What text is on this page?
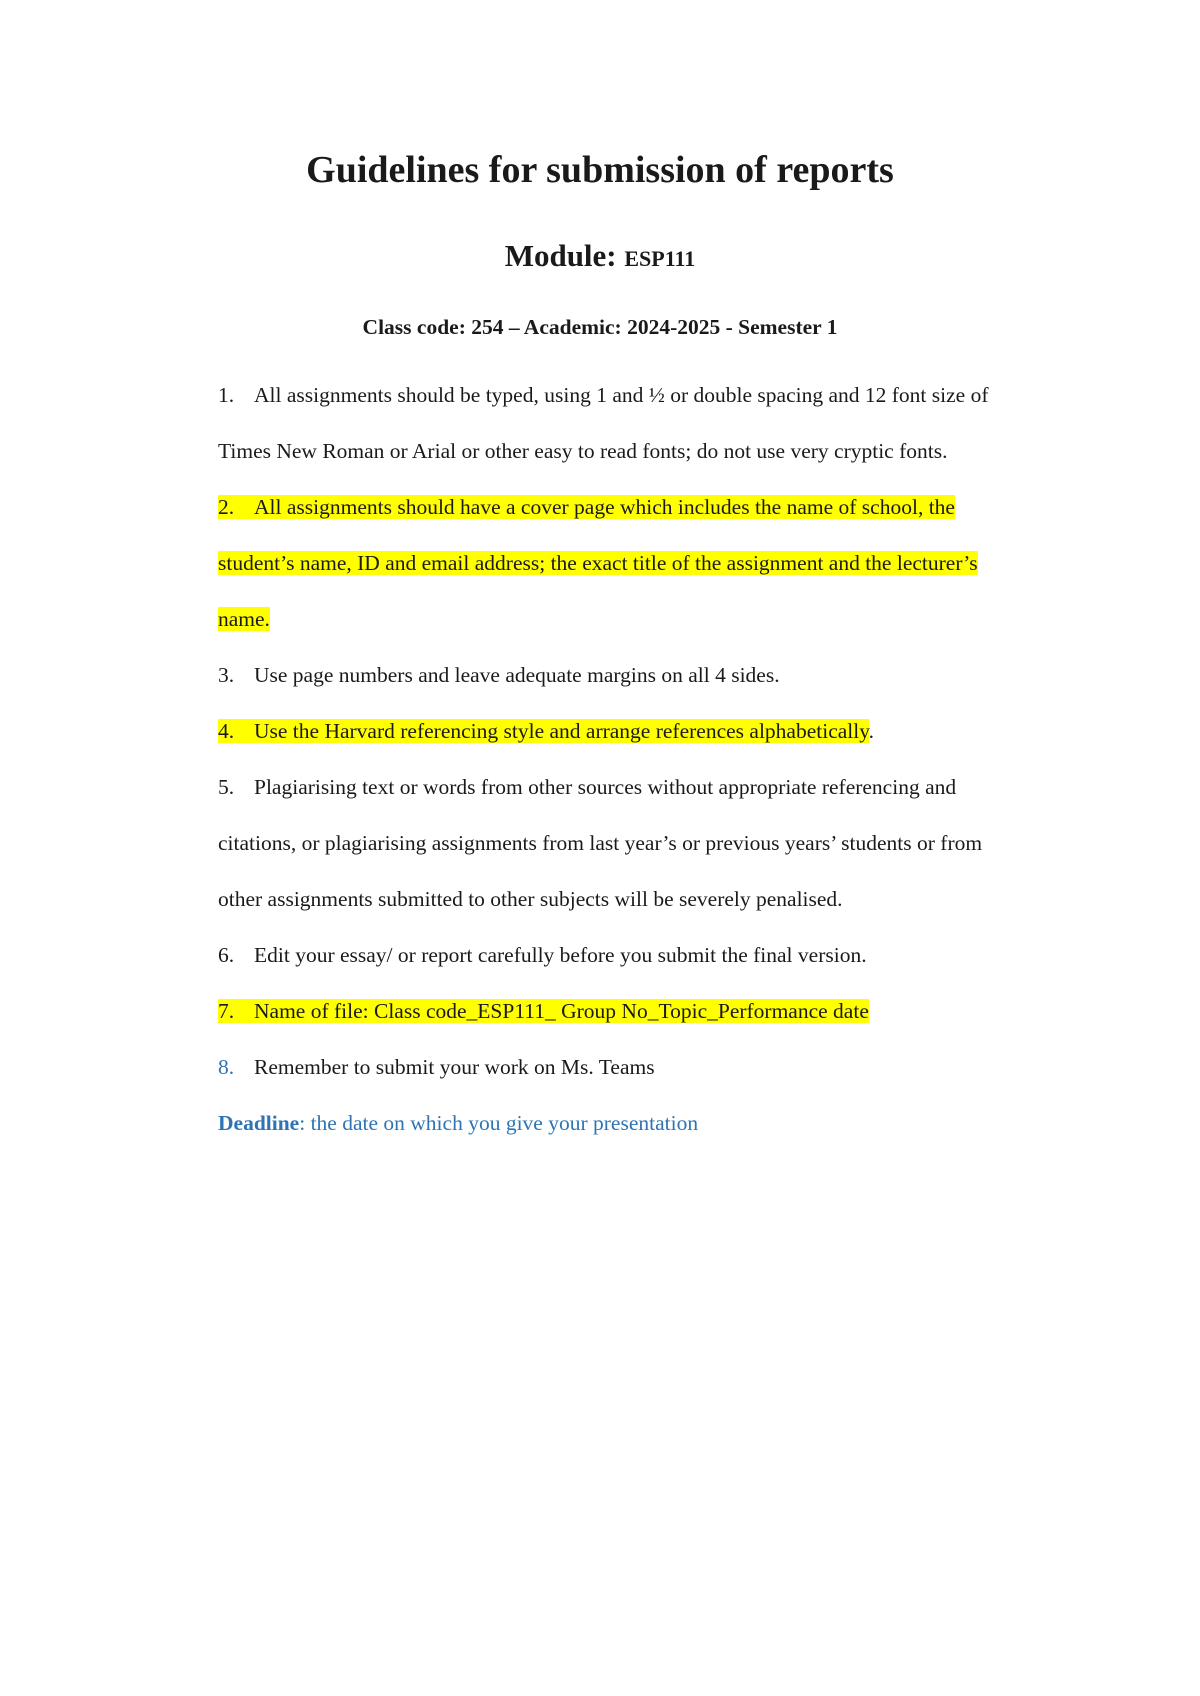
Guidelines for submission of reports
Module: ESP111
Class code: 254 – Academic: 2024-2025 - Semester 1

1. All assignments should be typed, using 1 and ½ or double spacing and 12 font size of Times New Roman or Arial or other easy to read fonts; do not use very cryptic fonts.

2. All assignments should have a cover page which includes the name of school, the student’s name, ID and email address; the exact title of the assignment and the lecturer’s name.

3. Use page numbers and leave adequate margins on all 4 sides.

4. Use the Harvard referencing style and arrange references alphabetically.

5. Plagiarising text or words from other sources without appropriate referencing and citations, or plagiarising assignments from last year’s or previous years’ students or from other assignments submitted to other subjects will be severely penalised.

6. Edit your essay/ or report carefully before you submit the final version.

7. Name of file: Class code_ESP111_ Group No_Topic_Performance date

8. Remember to submit your work on Ms. Teams

Deadline: the date on which you give your presentation
